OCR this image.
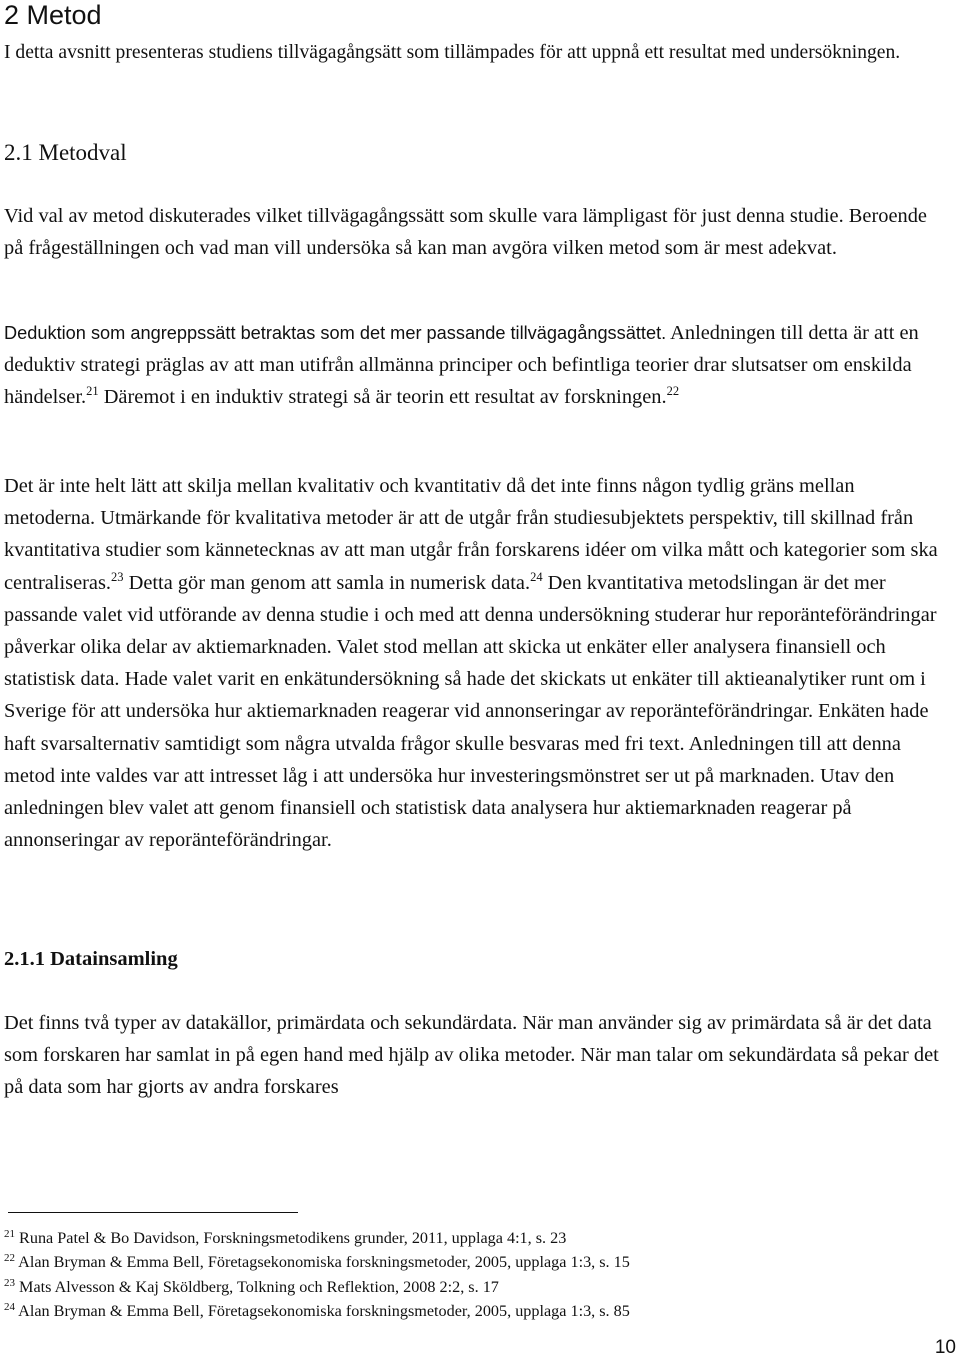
2 Metod

I detta avsnitt presenteras studiens tillvägagångsätt som tillämpades för att uppnå ett resultat med undersökningen.

2.1 Metodval

Vid val av metod diskuterades vilket tillvägagångssätt som skulle vara lämpligast för just denna studie. Beroende på frågeställningen och vad man vill undersöka så kan man avgöra vilken metod som är mest adekvat.

Deduktion som angreppssätt betraktas som det mer passande tillvägagångssättet. Anledningen till detta är att en deduktiv strategi präglas av att man utifrån allmänna principer och befintliga teorier drar slutsatser om enskilda händelser.$^{21}$ Däremot i en induktiv strategi så är teorin ett resultat av forskningen.$^{22}$

Det är inte helt lätt att skilja mellan kvalitativ och kvantitativ då det inte finns någon tydlig gräns mellan metoderna. Utmärkande för kvalitativa metoder är att de utgår från studiesubjektets perspektiv, till skillnad från kvantitativa studier som kännetecknas av att man utgår från forskarens idéer om vilka mått och kategorier som ska centraliseras.$^{23}$ Detta gör man genom att samla in numerisk data.$^{24}$ Den kvantitativa metodslingan är det mer passande valet vid utförande av denna studie i och med att denna undersökning studerar hur reporänteförändringar påverkar olika delar av aktiemarknaden. Valet stod mellan att skicka ut enkäter eller analysera finansiell och statistisk data. Hade valet varit en enkätundersökning så hade det skickats ut enkäter till aktieanalytiker runt om i Sverige för att undersöka hur aktiemarknaden reagerar vid annonseringar av reporänteförändringar. Enkäten hade haft svarsalternativ samtidigt som några utvalda frågor skulle besvaras med fri text. Anledningen till att denna metod inte valdes var att intresset låg i att undersöka hur investeringsmönstret ser ut på marknaden. Utav den anledningen blev valet att genom finansiell och statistisk data analysera hur aktiemarknaden reagerar på annonseringar av reporänteförändringar.

2.1.1 Datainsamling

Det finns två typer av datakällor, primärdata och sekundärdata. När man använder sig av primärdata så är det data som forskaren har samlat in på egen hand med hjälp av olika metoder. När man talar om sekundärdata så pekar det på data som har gjorts av andra forskares

$^{21}$ Runa Patel & Bo Davidson, Forskningsmetodikens grunder, 2011, upplaga 4:1, s. 23
$^{22}$ Alan Bryman & Emma Bell, Företagsekonomiska forskningsmetoder, 2005, upplaga 1:3, s. 15
$^{23}$ Mats Alvesson & Kaj Sköldberg, Tolkning och Reflektion, 2008 2:2, s. 17
$^{24}$ Alan Bryman & Emma Bell, Företagsekonomiska forskningsmetoder, 2005, upplaga 1:3, s. 85
10
